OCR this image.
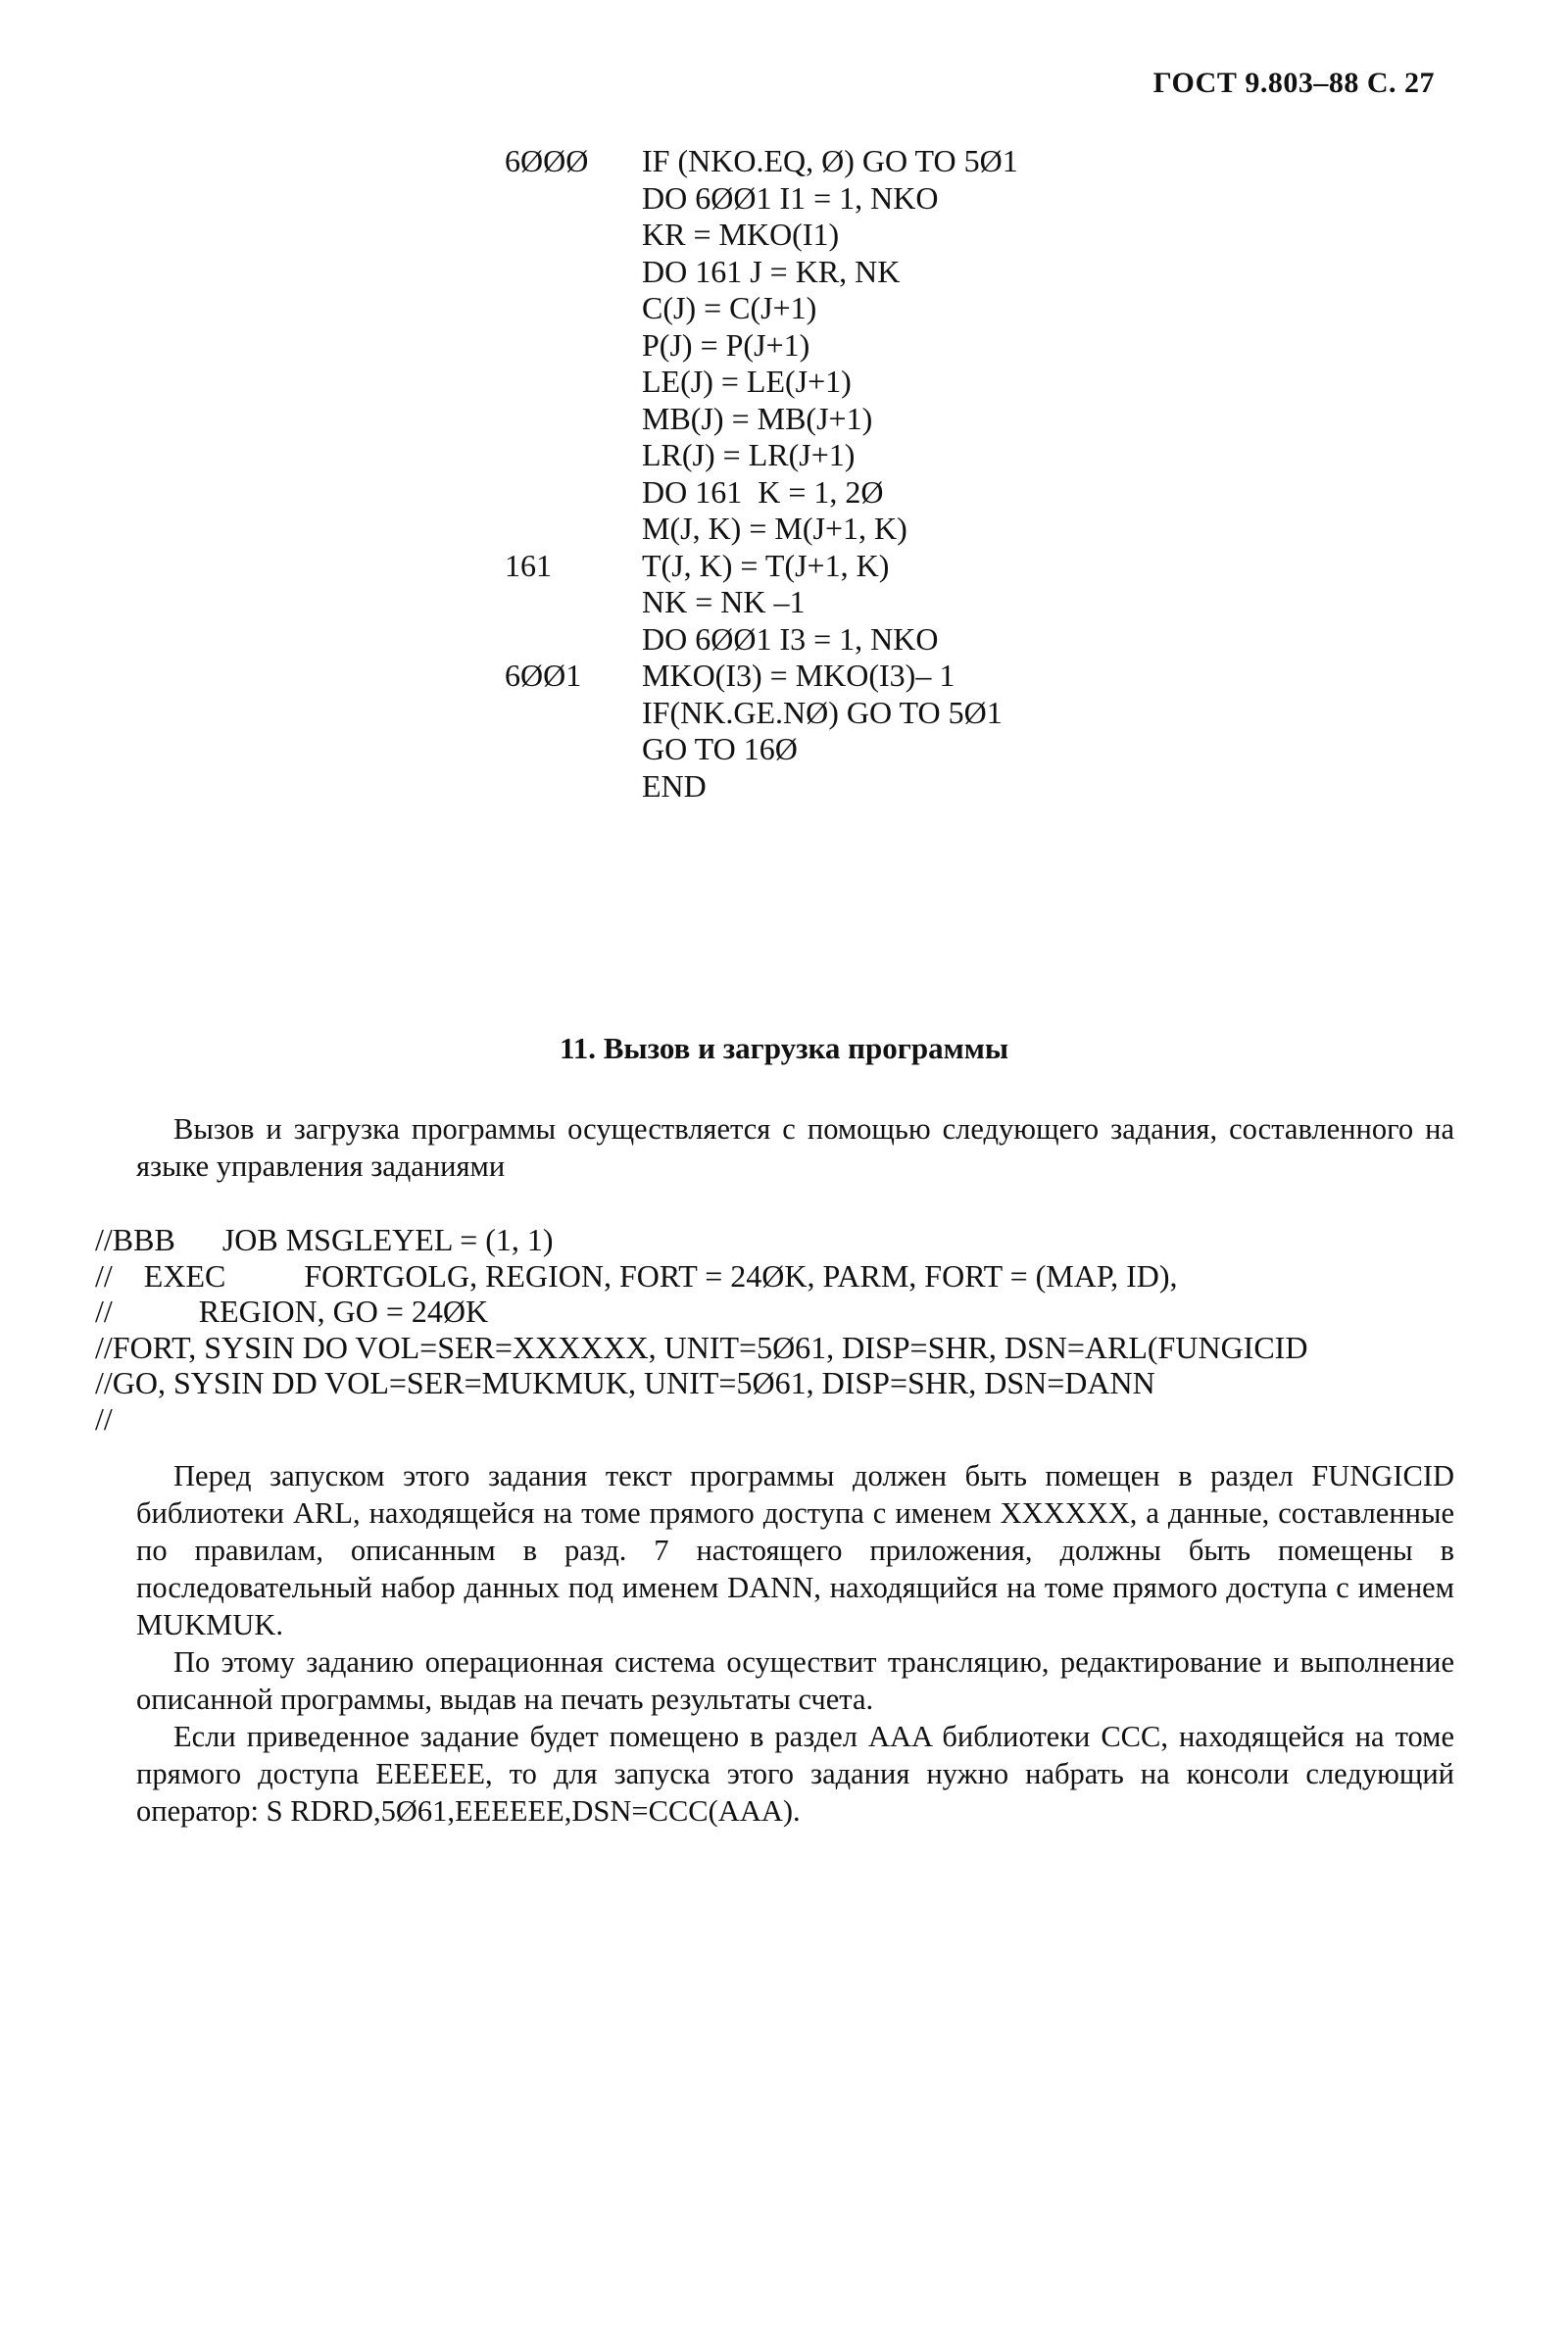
ГОСТ 9.803–88 С. 27
6ØØØ	IF (NKO.EQ, Ø) GO TO 5Ø1
DO 6ØØ1 I1 = 1, NKO
KR = MKO(I1)
DO 161 J = KR, NK
C(J) = C(J+1)
P(J) = P(J+1)
LE(J) = LE(J+1)
MB(J) = MB(J+1)
LR(J) = LR(J+1)
DO 161  K = 1, 2Ø
M(J, K) = M(J+1, K)
161	T(J, K) = T(J+1, K)
NK = NK –1
DO 6ØØ1 I3 = 1, NKO
6ØØ1	MKO(I3) = MKO(I3)– 1
IF(NK.GE.NØ) GO TO 5Ø1
GO TO 16Ø
END
11. Вызов и загрузка программы

Вызов и загрузка программы осуществляется с помощью следующего задания, составленного на языке управления заданиями

//BBB      JOB MSGLEYEL = (1, 1)
//    EXEC          FORTGOLG, REGION, FORT = 24ØK, PARM, FORT = (MAP, ID),
//           REGION, GO = 24ØK
//FORT, SYSIN DO VOL=SER=XXXXXX, UNIT=5Ø61, DISP=SHR, DSN=ARL(FUNGICID
//GO, SYSIN DD VOL=SER=MUKMUK, UNIT=5Ø61, DISP=SHR, DSN=DANN
//

Перед запуском этого задания текст программы должен быть помещен в раздел FUNGICID библиотеки ARL, находящейся на томе прямого доступа с именем XXXXXX, а данные, составленные по правилам, описанным в разд. 7 настоящего приложения, должны быть помещены в последовательный набор данных под именем DANN, находящийся на томе прямого доступа с именем MUKMUK.

По этому заданию операционная система осуществит трансляцию, редактирование и выполнение описанной программы, выдав на печать результаты счета.

Если приведенное задание будет помещено в раздел AAA библиотеки CCC, находящейся на томе прямого доступа EEEEEE, то для запуска этого задания нужно набрать на консоли следующий оператор: S RDRD,5Ø61,EEEEEE,DSN=CCC(AAA).
